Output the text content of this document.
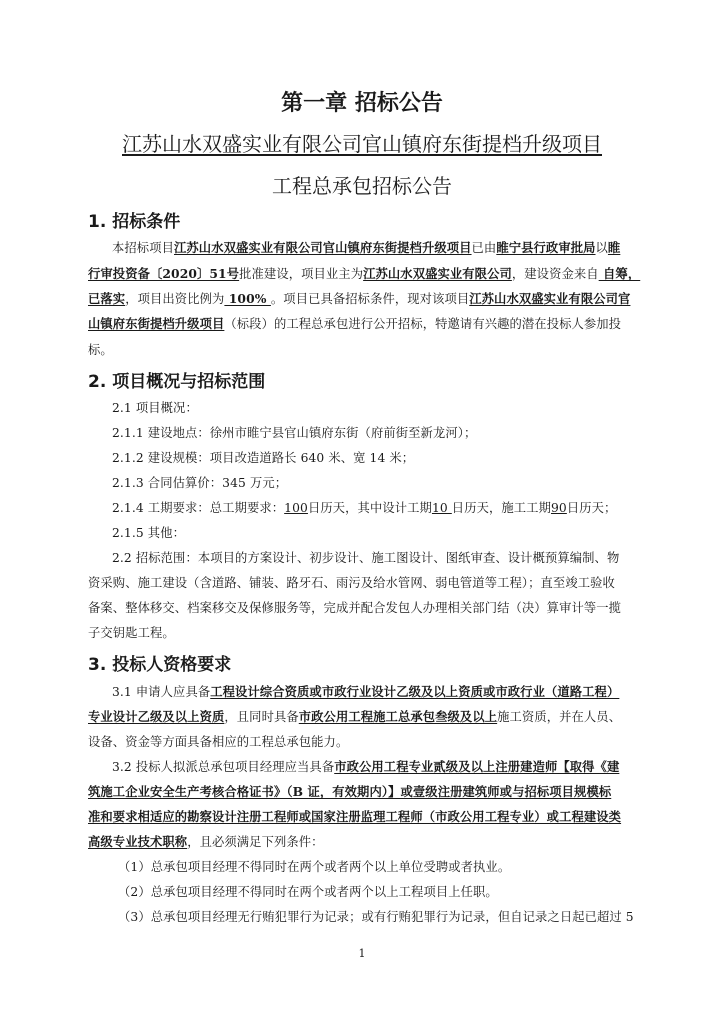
第一章 招标公告
江苏山水双盛实业有限公司官山镇府东街提档升级项目
工程总承包招标公告
1. 招标条件
本招标项目江苏山水双盛实业有限公司官山镇府东街提档升级项目已由睢宁县行政审批局以睢
行审投资备〔2020〕51号批准建设，项目业主为江苏山水双盛实业有限公司，建设资金来自 自筹，
已落实，项目出资比例为 100% 。项目已具备招标条件，现对该项目江苏山水双盛实业有限公司官
山镇府东街提档升级项目（标段）的工程总承包进行公开招标，特邀请有兴趣的潜在投标人参加投
标。
2. 项目概况与招标范围
2.1 项目概况：
2.1.1 建设地点：徐州市睢宁县官山镇府东街（府前街至新龙河）；
2.1.2 建设规模：项目改造道路长 640 米、宽 14 米；
2.1.3 合同估算价：345 万元；
2.1.4 工期要求：总工期要求：100日历天，其中设计工期10 日历天，施工工期90日历天；
2.1.5 其他：
2.2 招标范围：本项目的方案设计、初步设计、施工图设计、图纸审查、设计概预算编制、物
资采购、施工建设（含道路、铺装、路牙石、雨污及给水管网、弱电管道等工程）；直至竣工验收
备案、整体移交、档案移交及保修服务等，完成并配合发包人办理相关部门结（决）算审计等一揽
子交钥匙工程。
3. 投标人资格要求
3.1 申请人应具备工程设计综合资质或市政行业设计乙级及以上资质或市政行业（道路工程）
专业设计乙级及以上资质，且同时具备市政公用工程施工总承包叁级及以上施工资质，并在人员、
设备、资金等方面具备相应的工程总承包能力。
3.2 投标人拟派总承包项目经理应当具备市政公用工程专业贰级及以上注册建造师【取得《建
筑施工企业安全生产考核合格证书》（B 证，有效期内）】或壹级注册建筑师或与招标项目规模标
准和要求相适应的勘察设计注册工程师或国家注册监理工程师（市政公用工程专业）或工程建设类
高级专业技术职称，且必须满足下列条件：
（1）总承包项目经理不得同时在两个或者两个以上单位受聘或者执业。
（2）总承包项目经理不得同时在两个或者两个以上工程项目上任职。
（3）总承包项目经理无行贿犯罪行为记录；或有行贿犯罪行为记录，但自记录之日起已超过 5
1
